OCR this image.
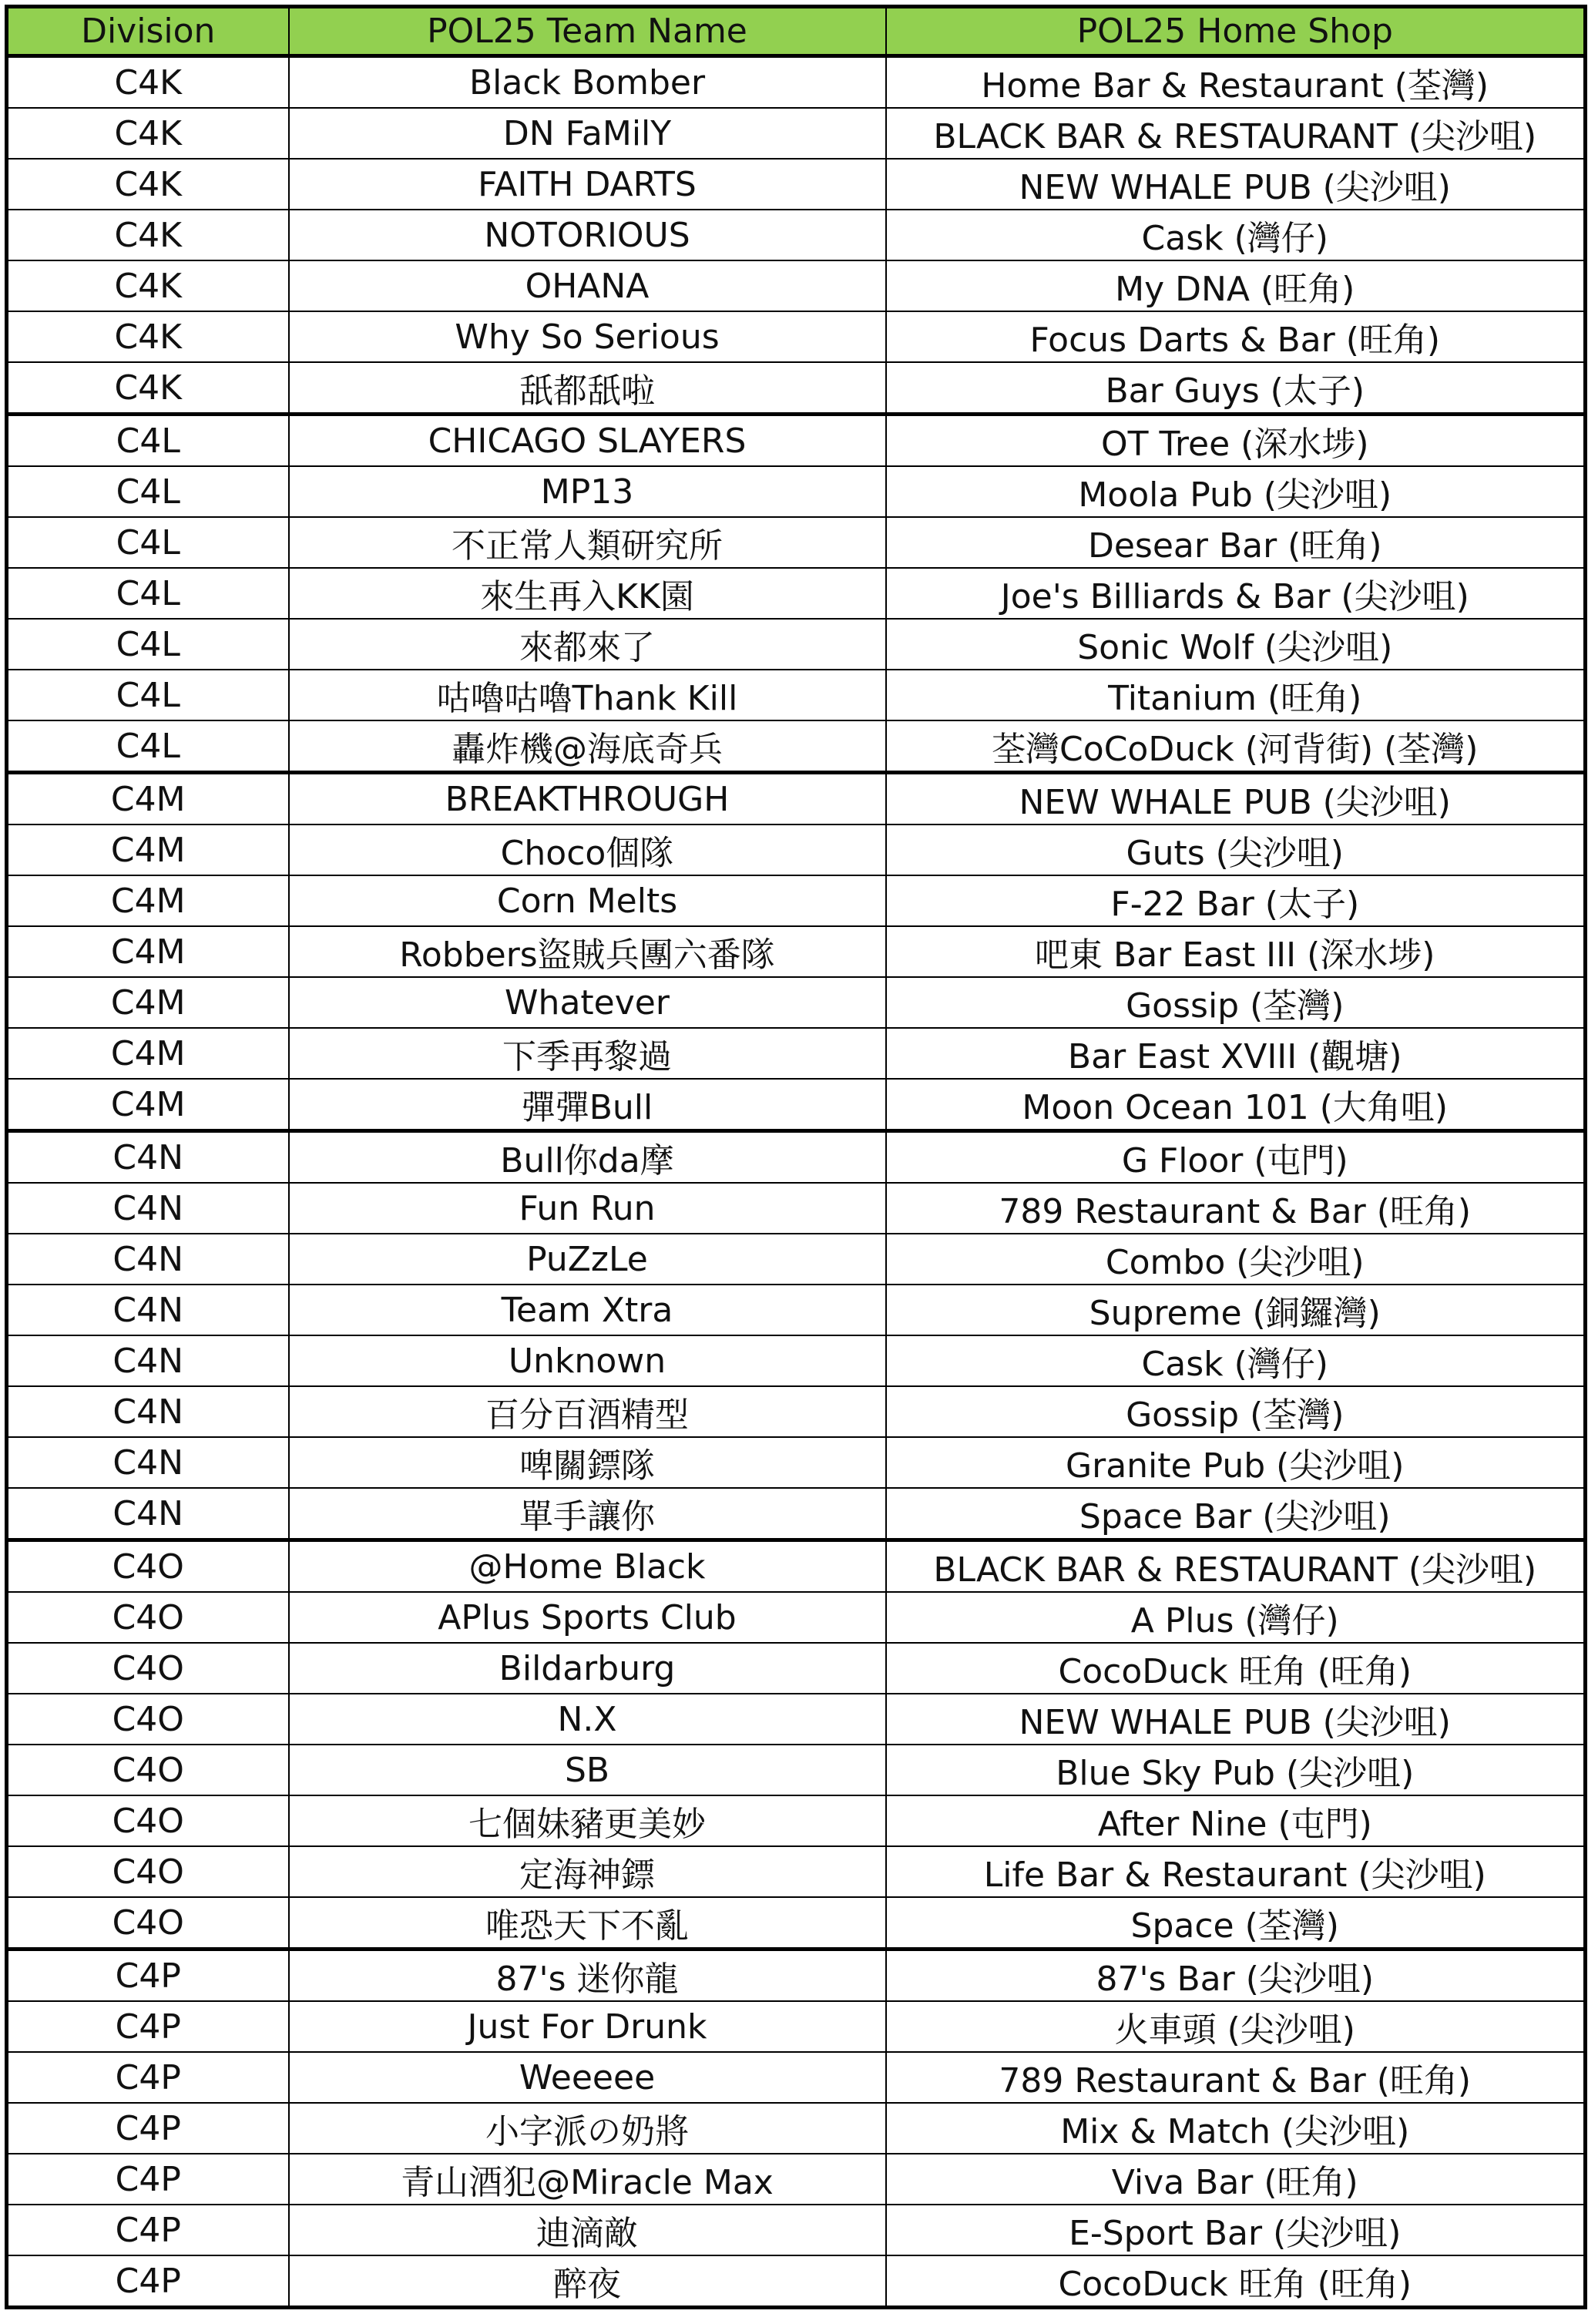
Division	POL25 Team Name	POL25 Home Shop
C4K	Black Bomber	Home Bar & Restaurant (荃灣)
C4K	DN FaMilY	BLACK BAR & RESTAURANT (尖沙咀)
C4K	FAITH DARTS	NEW WHALE PUB (尖沙咀)
C4K	NOTORIOUS	Cask (灣仔)
C4K	OHANA	My DNA (旺角)
C4K	Why So Serious	Focus Darts & Bar (旺角)
C4K	舐都舐啦	Bar Guys (太子)
C4L	CHICAGO SLAYERS	OT Tree (深水埗)
C4L	MP13	Moola Pub (尖沙咀)
C4L	不正常人類研究所	Desear Bar (旺角)
C4L	來生再入KK園	Joe's Billiards & Bar (尖沙咀)
C4L	來都來了	Sonic Wolf (尖沙咀)
C4L	咕嚕咕嚕Thank Kill	Titanium (旺角)
C4L	轟炸機@海底奇兵	荃灣CoCoDuck (河背街) (荃灣)
C4M	BREAKTHROUGH	NEW WHALE PUB (尖沙咀)
C4M	Choco個隊	Guts (尖沙咀)
C4M	Corn Melts	F-22 Bar (太子)
C4M	Robbers盜賊兵團六番隊	吧東 Bar East III (深水埗)
C4M	Whatever	Gossip (荃灣)
C4M	下季再黎過	Bar East XVIII (觀塘)
C4M	彈彈Bull	Moon Ocean 101 (大角咀)
C4N	Bull你da摩	G Floor (屯門)
C4N	Fun Run	789 Restaurant & Bar (旺角)
C4N	PuZzLe	Combo (尖沙咀)
C4N	Team Xtra	Supreme (銅鑼灣)
C4N	Unknown	Cask (灣仔)
C4N	百分百酒精型	Gossip (荃灣)
C4N	啤關鏢隊	Granite Pub (尖沙咀)
C4N	單手讓你	Space Bar (尖沙咀)
C4O	@Home Black	BLACK BAR & RESTAURANT (尖沙咀)
C4O	APlus Sports Club	A Plus (灣仔)
C4O	Bildarburg	CocoDuck 旺角 (旺角)
C4O	N.X	NEW WHALE PUB (尖沙咀)
C4O	SB	Blue Sky Pub (尖沙咀)
C4O	七個妹豬更美妙	After Nine (屯門)
C4O	定海神鏢	Life Bar & Restaurant (尖沙咀)
C4O	唯恐天下不亂	Space (荃灣)
C4P	87's 迷你龍	87's Bar (尖沙咀)
C4P	Just For Drunk	火車頭 (尖沙咀)
C4P	Weeeee	789 Restaurant & Bar (旺角)
C4P	小字派の奶將	Mix & Match (尖沙咀)
C4P	青山酒犯@Miracle Max	Viva Bar (旺角)
C4P	迪滴敵	E-Sport Bar (尖沙咀)
C4P	醉夜	CocoDuck 旺角 (旺角)
